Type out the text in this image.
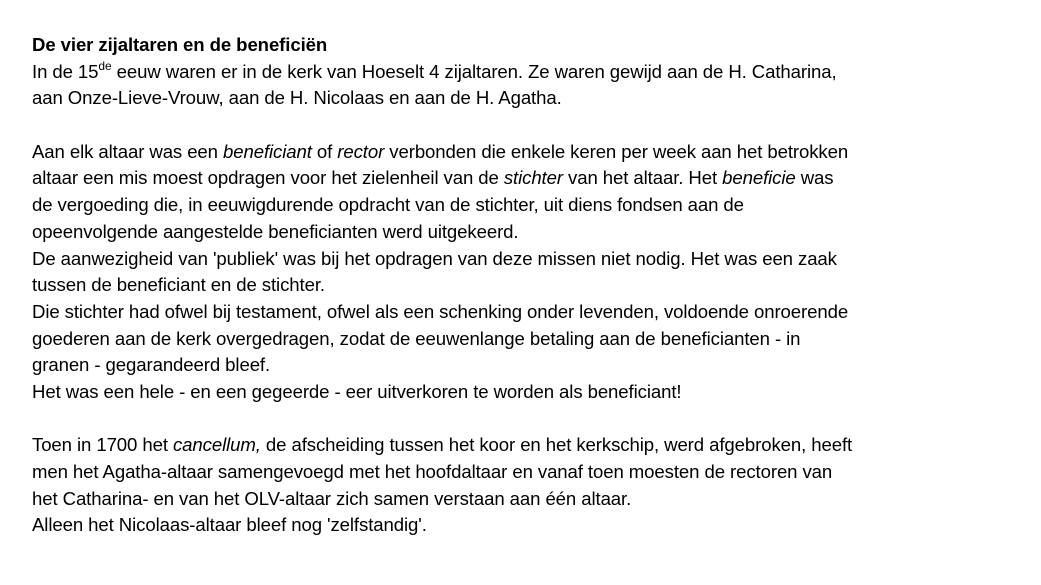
De vier zijaltaren en de beneficiën
In de 15de eeuw waren er in de kerk van Hoeselt 4 zijaltaren. Ze waren gewijd aan de H. Catharina,
aan Onze-Lieve-Vrouw, aan de H. Nicolaas en aan de H. Agatha.
Aan elk altaar was een beneficiant of rector verbonden die enkele keren per week aan het betrokken
altaar een mis moest opdragen voor het zielenheil van de stichter van het altaar. Het beneficie was
de vergoeding die, in eeuwigdurende opdracht van de stichter, uit diens fondsen aan de
opeenvolgende aangestelde beneficianten werd uitgekeerd.
De aanwezigheid van 'publiek' was bij het opdragen van deze missen niet nodig. Het was een zaak
tussen de beneficiant en de stichter.
Die stichter had ofwel bij testament, ofwel als een schenking onder levenden, voldoende onroerende
goederen aan de kerk overgedragen, zodat de eeuwenlange betaling aan de beneficianten - in
granen - gegarandeerd bleef.
Het was een hele - en een gegeerde - eer uitverkoren te worden als beneficiant!
Toen in 1700 het cancellum, de afscheiding tussen het koor en het kerkschip, werd afgebroken, heeft
men het Agatha-altaar samengevoegd met het hoofdaltaar en vanaf toen moesten de rectoren van
het Catharina- en van het OLV-altaar zich samen verstaan aan één altaar.
Alleen het Nicolaas-altaar bleef nog 'zelfstandig'.
